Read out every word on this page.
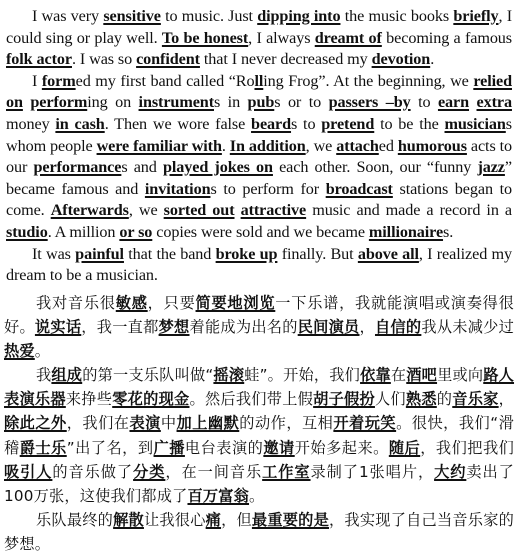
I was very sensitive to music. Just dipping into the music books briefly, I could sing or play well. To be honest, I always dreamt of becoming a famous folk actor. I was so confident that I never decreased my devotion.

I formed my first band called “Rolling Frog”. At the beginning, we relied on performing on instruments in pubs or to passers –by to earn extra money in cash. Then we wore false beards to pretend to be the musicians whom people were familiar with. In addition, we attached humorous acts to our performances and played jokes on each other. Soon, our “funny jazz” became famous and invitations to perform for broadcast stations began to come. Afterwards, we sorted out attractive music and made a record in a studio. A million or so copies were sold and we became millionaires.

It was painful that the band broke up finally. But above all, I realized my dream to be a musician.

我对音乐很敏感，只要简要地浏览一下乐谱，我就能演唱或演奏得很好。说实话，我一直都梦想着能成为出名的民间演员，自信的我从未减少过热爱。

我组成的第一支乐队叫做“摇滚蛙”。开始，我们依靠在酒吧里或向路人表演乐器来挣些零花的现金。然后我们带上假胡子假扮人们熟悉的音乐家，除此之外，我们在表演中加上幽默的动作，互相开着玩笑。很快，我们“滑稽爵士乐”出了名，到广播电台表演的邀请开始多起来。随后，我们把我们吸引人的音乐做了分类，在一间音乐工作室录制了1张唱片，大约卖出了100万张，这使我们都成了百万富翁。

乐队最终的解散让我很心痛，但最重要的是，我实现了自己当音乐家的梦想。
